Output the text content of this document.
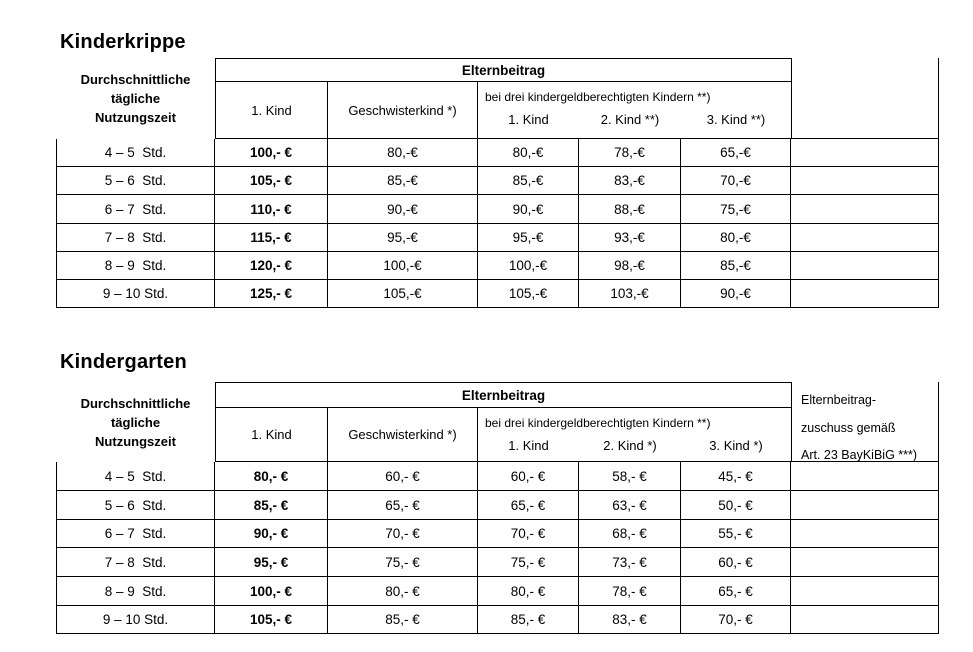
Kinderkrippe
Durchschnittliche
tägliche
Nutzungszeit
Elternbeitrag
1. Kind	Geschwisterkind *)
bei drei kindergeldberechtigten Kindern **)
1. Kind	2. Kind **)	3. Kind **)
4 – 5  Std.	100,- €	80,-€	80,-€	78,-€	65,-€
5 – 6  Std.	105,- €	85,-€	85,-€	83,-€	70,-€
6 – 7  Std.	110,- €	90,-€	90,-€	88,-€	75,-€
7 – 8  Std.	115,- €	95,-€	95,-€	93,-€	80,-€
8 – 9  Std.	120,- €	100,-€	100,-€	98,-€	85,-€
9 – 10 Std.	125,- €	105,-€	105,-€	103,-€	90,-€
Kindergarten
Durchschnittliche
tägliche
Nutzungszeit
Elternbeitrag	Elternbeitrag-
zuschuss gemäß
Art. 23 BayKiBiG ***)
1. Kind	Geschwisterkind *)
bei drei kindergeldberechtigten Kindern **)
1. Kind	2. Kind *)	3. Kind *)
4 – 5  Std.	80,- €	60,- €	60,- €	58,- €	45,- €
5 – 6  Std.	85,- €	65,- €	65,- €	63,- €	50,- €
6 – 7  Std.	90,- €	70,- €	70,- €	68,- €	55,- €
7 – 8  Std.	95,- €	75,- €	75,- €	73,- €	60,- €
8 – 9  Std.	100,- €	80,- €	80,- €	78,- €	65,- €
9 – 10 Std.	105,- €	85,- €	85,- €	83,- €	70,- €
